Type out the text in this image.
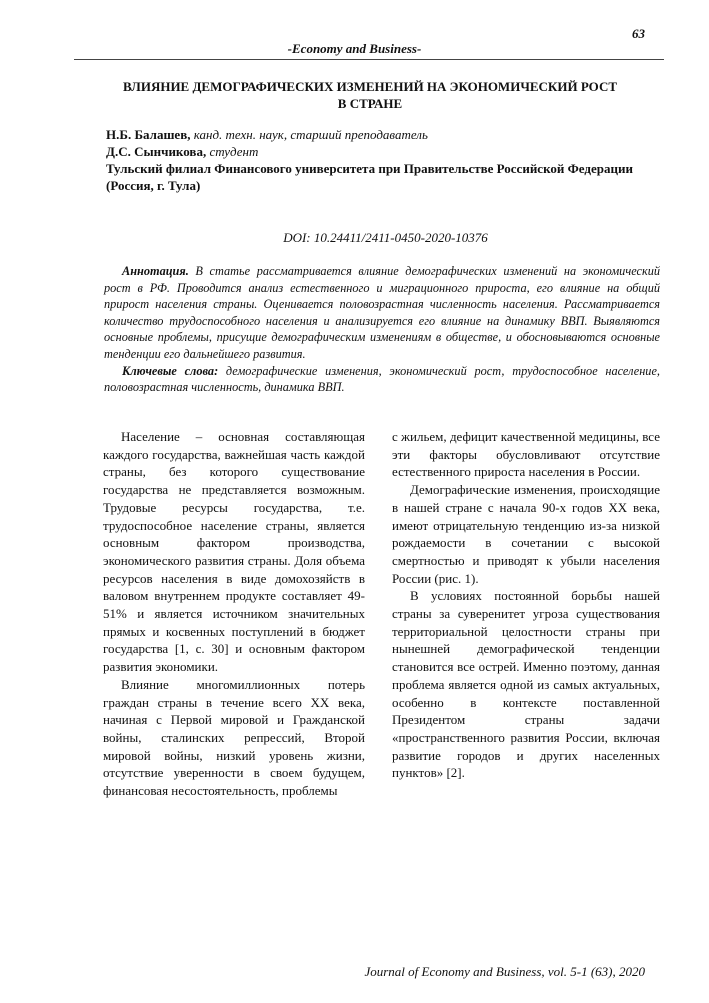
63
-Economy and Business-
ВЛИЯНИЕ ДЕМОГРАФИЧЕСКИХ ИЗМЕНЕНИЙ НА ЭКОНОМИЧЕСКИЙ РОСТ
В СТРАНЕ
Н.Б. Балашев, канд. техн. наук, старший преподаватель
Д.С. Сынчикова, студент
Тульский филиал Финансового университета при Правительстве Российской Федерации
(Россия, г. Тула)
DOI: 10.24411/2411-0450-2020-10376

Аннотация. В статье рассматривается влияние демографических изменений на экономический рост в РФ. Проводится анализ естественного и миграционного прироста, его влияние на общий прирост населения страны. Оценивается половозрастная численность населения. Рассматривается количество трудоспособного населения и анализируется его влияние на динамику ВВП. Выявляются основные проблемы, присущие демографическим изменениям в обществе, и обосновываются основные тенденции его дальнейшего развития.

Ключевые слова: демографические изменения, экономический рост, трудоспособное население, половозрастная численность, динамика ВВП.

Население – основная составляющая каждого государства, важнейшая часть каждой страны, без которого существование государства не представляется возможным. Трудовые ресурсы государства, т.е. трудоспособное население страны, является основным фактором производства, экономического развития страны. Доля объема ресурсов населения в виде домохозяйств в валовом внутреннем продукте составляет 49-51% и является источником значительных прямых и косвенных поступлений в бюджет государства [1, с. 30] и основным фактором развития экономики.

Влияние многомиллионных потерь граждан страны в течение всего XX века, начиная с Первой мировой и Гражданской войны, сталинских репрессий, Второй мировой войны, низкий уровень жизни, отсутствие уверенности в своем будущем, финансовая несостоятельность, проблемы

с жильем, дефицит качественной медицины, все эти факторы обусловливают отсутствие естественного прироста населения в России.

Демографические изменения, происходящие в нашей стране с начала 90-х годов XX века, имеют отрицательную тенденцию из-за низкой рождаемости в сочетании с высокой смертностью и приводят к убыли населения России (рис. 1).

В условиях постоянной борьбы нашей страны за суверенитет угроза существования территориальной целостности страны при нынешней демографической тенденции становится все острей. Именно поэтому, данная проблема является одной из самых актуальных, особенно в контексте поставленной Президентом страны задачи «пространственного развития России, включая развитие городов и других населенных пунктов» [2].

Journal of Economy and Business, vol. 5-1 (63), 2020
